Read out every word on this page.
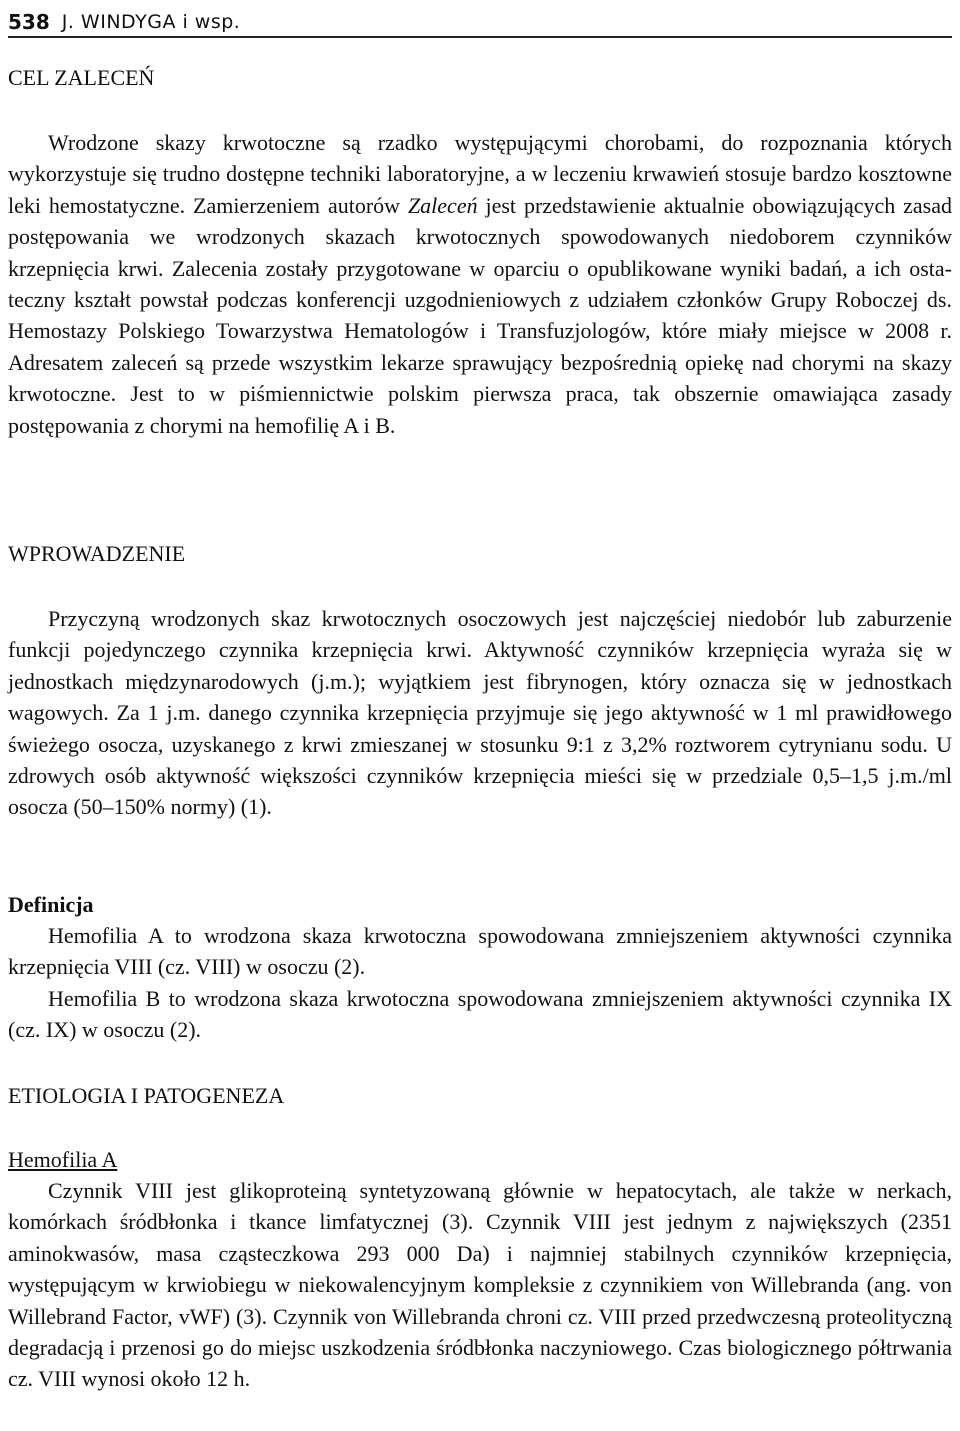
538 J. WINDYGA i wsp.
CEL ZALECEŃ

Wrodzone skazy krwotoczne są rzadko występującymi chorobami, do rozpoznania których wykorzystuje się trudno dostępne techniki laboratoryjne, a w leczeniu krwawień stosuje bardzo kosztowne leki hemostatyczne. Zamierzeniem autorów Zaleceń jest przedstawienie aktualnie obowiązujących zasad postępowania we wrodzonych skazach krwotocznych spowodowanych niedoborem czynników krzepnięcia krwi. Zalecenia zostały przygotowane w oparciu o opublikowane wyniki badań, a ich ostateczny kształt powstał podczas konferencji uzgodnieniowych z udziałem członków Grupy Roboczej ds. Hemostazy Polskiego Towarzystwa Hematologów i Transfuzjologów, które miały miejsce w 2008 r. Adresatem zaleceń są przede wszystkim lekarze sprawujący bezpośrednią opiekę nad chorymi na skazy krwotoczne. Jest to w piśmiennictwie polskim pierwsza praca, tak obszernie omawiająca zasady postępowania z chorymi na hemofilię A i B.

WPROWADZENIE

Przyczyną wrodzonych skaz krwotocznych osoczowych jest najczęściej niedobór lub zaburzenie funkcji pojedynczego czynnika krzepnięcia krwi. Aktywność czynników krzepnięcia wyraża się w jednostkach międzynarodowych (j.m.); wyjątkiem jest fibrynogen, który oznacza się w jednostkach wagowych. Za 1 j.m. danego czynnika krzepnięcia przyjmuje się jego aktywność w 1 ml prawidłowego świeżego osocza, uzyskanego z krwi zmieszanej w stosunku 9:1 z 3,2% roztworem cytrynianu sodu. U zdrowych osób aktywność większości czynników krzepnięcia mieści się w przedziale 0,5–1,5 j.m./ml osocza (50–150% normy) (1).

Definicja

Hemofilia A to wrodzona skaza krwotoczna spowodowana zmniejszeniem aktywności czynnika krzepnięcia VIII (cz. VIII) w osoczu (2).

Hemofilia B to wrodzona skaza krwotoczna spowodowana zmniejszeniem aktywności czynnika IX (cz. IX) w osoczu (2).

ETIOLOGIA I PATOGENEZA
Hemofilia A

Czynnik VIII jest glikoproteiną syntetyzowaną głównie w hepatocytach, ale także w nerkach, komórkach śródbłonka i tkance limfatycznej (3). Czynnik VIII jest jednym z największych (2351 aminokwasów, masa cząsteczkowa 293 000 Da) i najmniej stabilnych czynników krzepnięcia, występującym w krwiobiegu w niekowalencyjnym kompleksie z czynnikiem von Willebranda (ang. von Willebrand Factor, vWF) (3). Czynnik von Willebranda chroni cz. VIII przed przedwczesną proteolityczną degradacją i przenosi go do miejsc uszkodzenia śródbłonka naczyniowego. Czas biologicznego półtrwania cz. VIII wynosi około 12 h.
